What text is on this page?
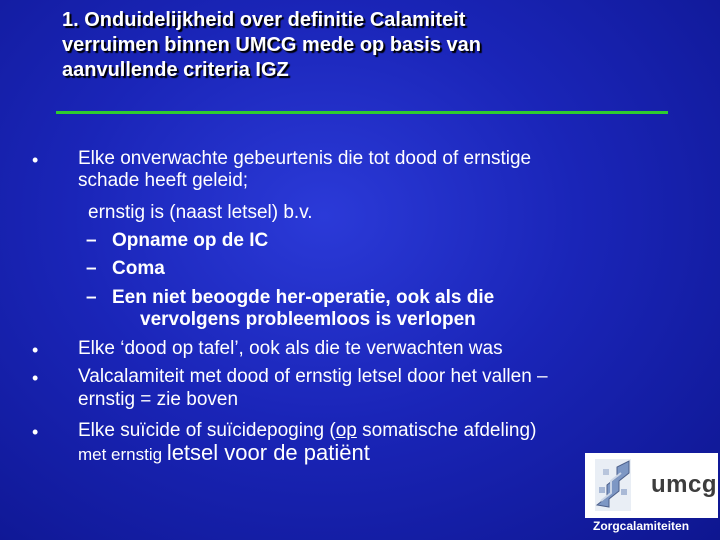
1. Onduidelijkheid over definitie Calamiteit
verruimen binnen UMCG mede op basis van
aanvullende criteria IGZ
• Elke onverwachte gebeurtenis die tot dood of ernstige
schade heeft geleid;
ernstig is (naast letsel) b.v.
– Opname op de IC
– Coma
– Een niet beoogde her-operatie, ook als die
vervolgens probleemloos is verlopen
• Elke ‘dood op tafel’, ook als die te verwachten was
• Valcalamiteit met dood of ernstig letsel door het vallen –
ernstig = zie boven
• Elke suïcide of suïcidepoging (op somatische afdeling)
met ernstig letsel voor de patiënt
umcg
Zorgcalamiteiten
